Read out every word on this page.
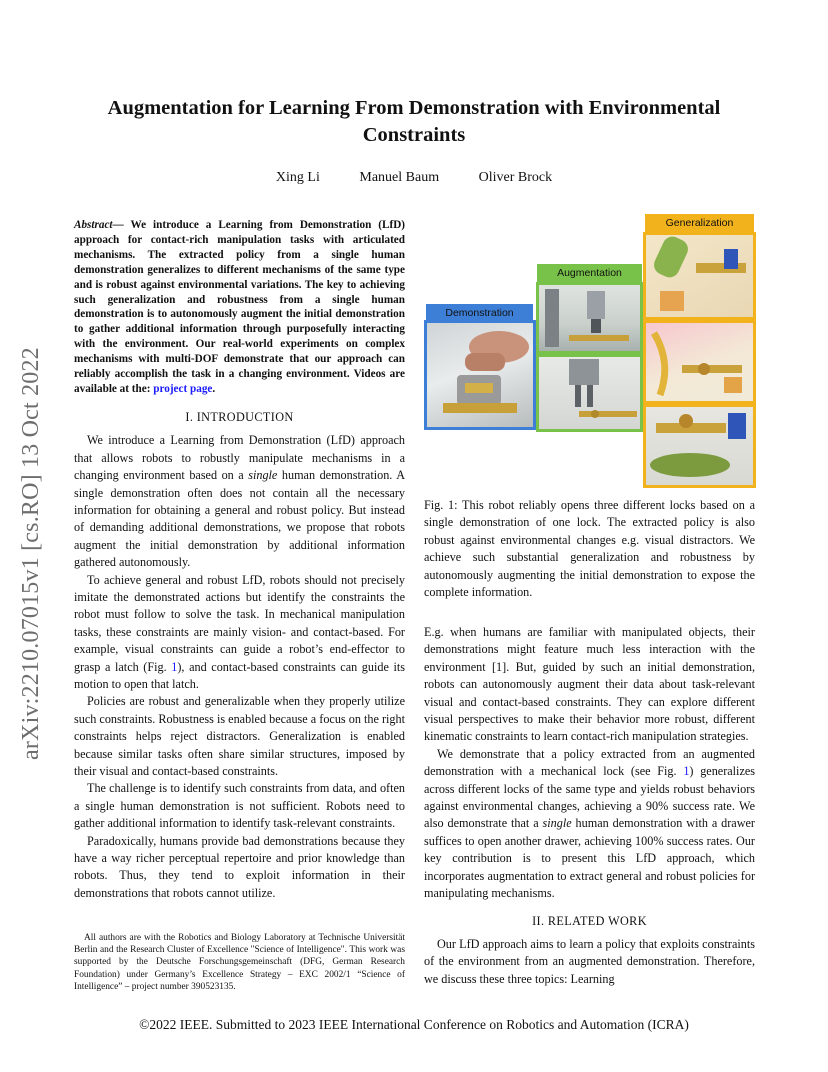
Augmentation for Learning From Demonstration with Environmental Constraints
Xing Li	Manuel Baum	Oliver Brock
arXiv:2210.07015v1 [cs.RO] 13 Oct 2022
Abstract— We introduce a Learning from Demonstration (LfD) approach for contact-rich manipulation tasks with articulated mechanisms. The extracted policy from a single human demonstration generalizes to different mechanisms of the same type and is robust against environmental variations. The key to achieving such generalization and robustness from a single human demonstration is to autonomously augment the initial demonstration to gather additional information through purposefully interacting with the environment. Our real-world experiments on complex mechanisms with multi-DOF demonstrate that our approach can reliably accomplish the task in a changing environment. Videos are available at the: project page.
I. INTRODUCTION

We introduce a Learning from Demonstration (LfD) approach that allows robots to robustly manipulate mechanisms in a changing environment based on a single human demonstration. A single demonstration often does not contain all the necessary information for obtaining a general and robust policy. But instead of demanding additional demonstrations, we propose that robots augment the initial demonstration by additional information gathered autonomously.

To achieve general and robust LfD, robots should not precisely imitate the demonstrated actions but identify the constraints the robot must follow to solve the task. In mechanical manipulation tasks, these constraints are mainly vision- and contact-based. For example, visual constraints can guide a robot’s end-effector to grasp a latch (Fig. 1), and contact-based constraints can guide its motion to open that latch.

Policies are robust and generalizable when they properly utilize such constraints. Robustness is enabled because a focus on the right constraints helps reject distractors. Generalization is enabled because similar tasks often share similar structures, imposed by their visual and contact-based constraints.

The challenge is to identify such constraints from data, and often a single human demonstration is not sufficient. Robots need to gather additional information to identify task-relevant constraints.

Paradoxically, humans provide bad demonstrations because they have a way richer perceptual repertoire and prior knowledge than robots. Thus, they tend to exploit information in their demonstrations that robots cannot utilize.

All authors are with the Robotics and Biology Laboratory at Technische Universität Berlin and the Research Cluster of Excellence "Science of Intelligence". This work was supported by the Deutsche Forschungsgemeinschaft (DFG, German Research Foundation) under Germany’s Excellence Strategy – EXC 2002/1 “Science of Intelligence” – project number 390523135.

Generalization
Augmentation
Demonstration

Fig. 1: This robot reliably opens three different locks based on a single demonstration of one lock. The extracted policy is also robust against environmental changes e.g. visual distractors. We achieve such substantial generalization and robustness by autonomously augmenting the initial demonstration to expose the complete information.

E.g. when humans are familiar with manipulated objects, their demonstrations might feature much less interaction with the environment [1]. But, guided by such an initial demonstration, robots can autonomously augment their data about task-relevant visual and contact-based constraints. They can explore different visual perspectives to make their behavior more robust, different kinematic constraints to learn contact-rich manipulation strategies.

We demonstrate that a policy extracted from an augmented demonstration with a mechanical lock (see Fig. 1) generalizes across different locks of the same type and yields robust behaviors against environmental changes, achieving a 90% success rate. We also demonstrate that a single human demonstration with a drawer suffices to open another drawer, achieving 100% success rates. Our key contribution is to present this LfD approach, which incorporates augmentation to extract general and robust policies for manipulating mechanisms.

II. RELATED WORK

Our LfD approach aims to learn a policy that exploits constraints of the environment from an augmented demonstration. Therefore, we discuss these three topics: Learning

©2022 IEEE. Submitted to 2023 IEEE International Conference on Robotics and Automation (ICRA)
